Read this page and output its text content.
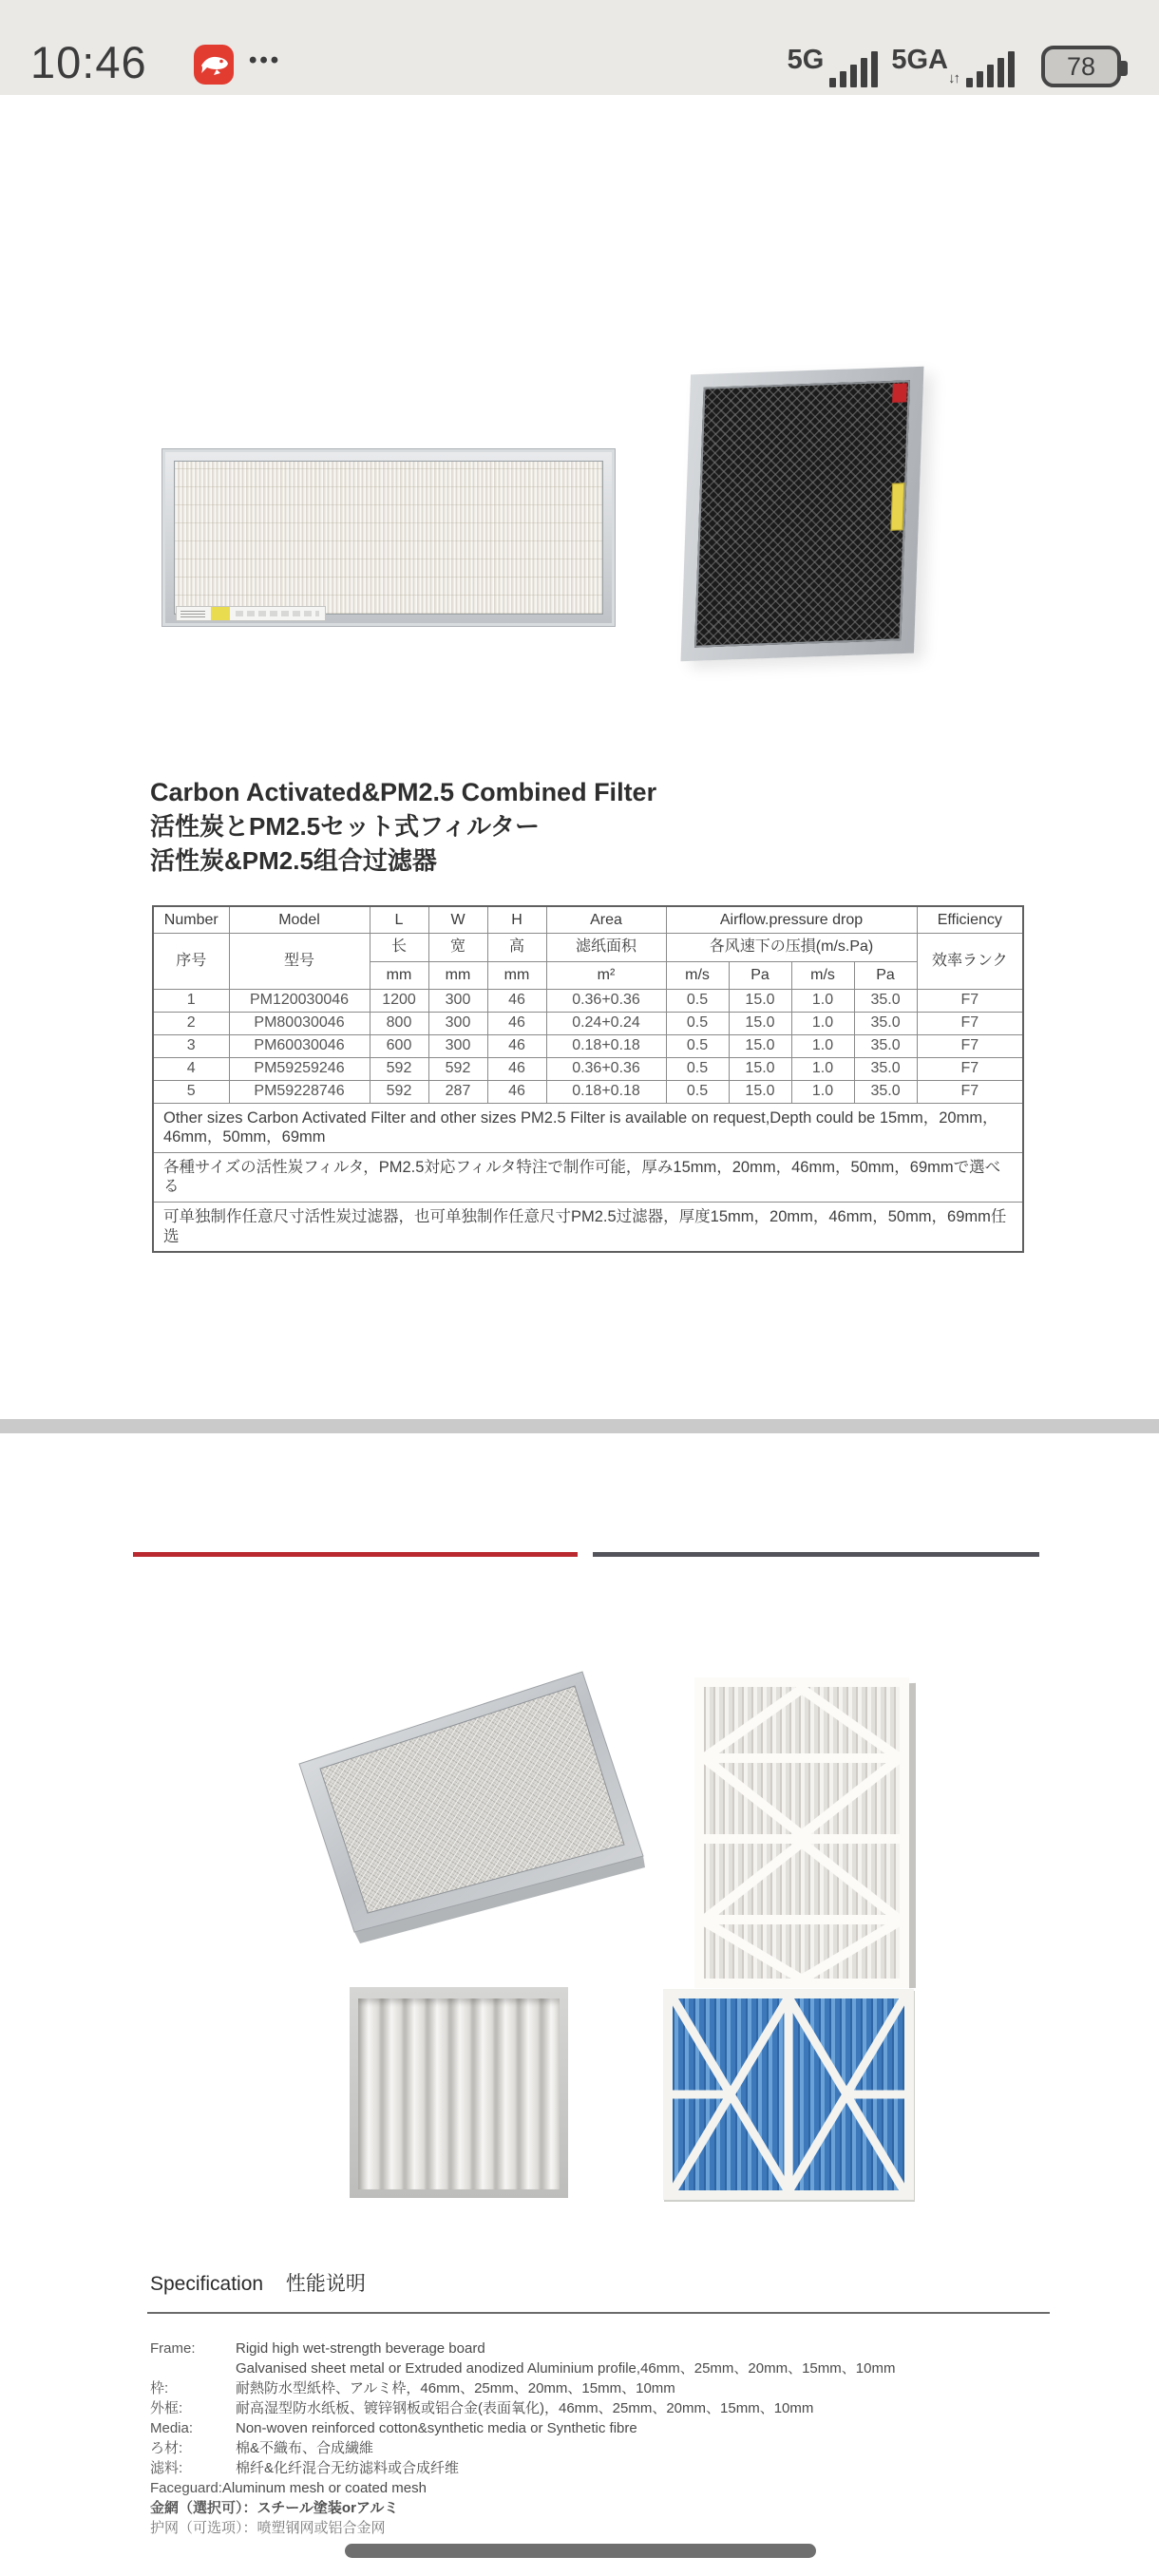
10:46	•••	5G 5GA
↓↑	78
Carbon Activated&PM2.5 Combined Filter
活性炭とPM2.5セット式フィルター
活性炭&PM2.5组合过滤器
Number	Model	L	W	H	Area	Airflow.pressure drop				Efficiency
序号	型号	长	宽	高	滤纸面积	各风速下の压損(m/s.Pa)				效率ランク
		mm	mm	mm	m²	m/s	Pa	m/s	Pa	
1	PM120030046	1200	300	46	0.36+0.36	0.5	15.0	1.0	35.0	F7
2	PM80030046	800	300	46	0.24+0.24	0.5	15.0	1.0	35.0	F7
3	PM60030046	600	300	46	0.18+0.18	0.5	15.0	1.0	35.0	F7
4	PM59259246	592	592	46	0.36+0.36	0.5	15.0	1.0	35.0	F7
5	PM59228746	592	287	46	0.18+0.18	0.5	15.0	1.0	35.0	F7
Other sizes Carbon Activated Filter and other sizes PM2.5 Filter is available on request,Depth could be 15mm，20mm，46mm，50mm，69mm										
各種サイズの活性炭フィルタ，PM2.5対応フィルタ特注で制作可能，厚み15mm，20mm，46mm，50mm，69mmで選べる										
可单独制作任意尺寸活性炭过滤器，也可单独制作任意尺寸PM2.5过滤器，厚度15mm，20mm，46mm，50mm，69mm任选										
Specification 性能说明
Frame:	Rigid high wet-strength beverage board
Galvanised sheet metal or Extruded anodized Aluminium profile,46mm、25mm、20mm、15mm、10mm
枠:	耐熱防水型紙枠、アルミ枠，46mm、25mm、20mm、15mm、10mm
外框:	耐高湿型防水纸板、镀锌钢板或铝合金(表面氧化)，46mm、25mm、20mm、15mm、10mm
Media:	Non-woven reinforced cotton&synthetic media or Synthetic fibre
ろ材:	棉&不織布、合成繊維
滤料:	棉纤&化纤混合无纺滤料或合成纤维
Faceguard: Aluminum mesh or coated mesh
金網（選択可）： スチール塗装orアルミ
护网（可选项）： 喷塑钢网或铝合金网
